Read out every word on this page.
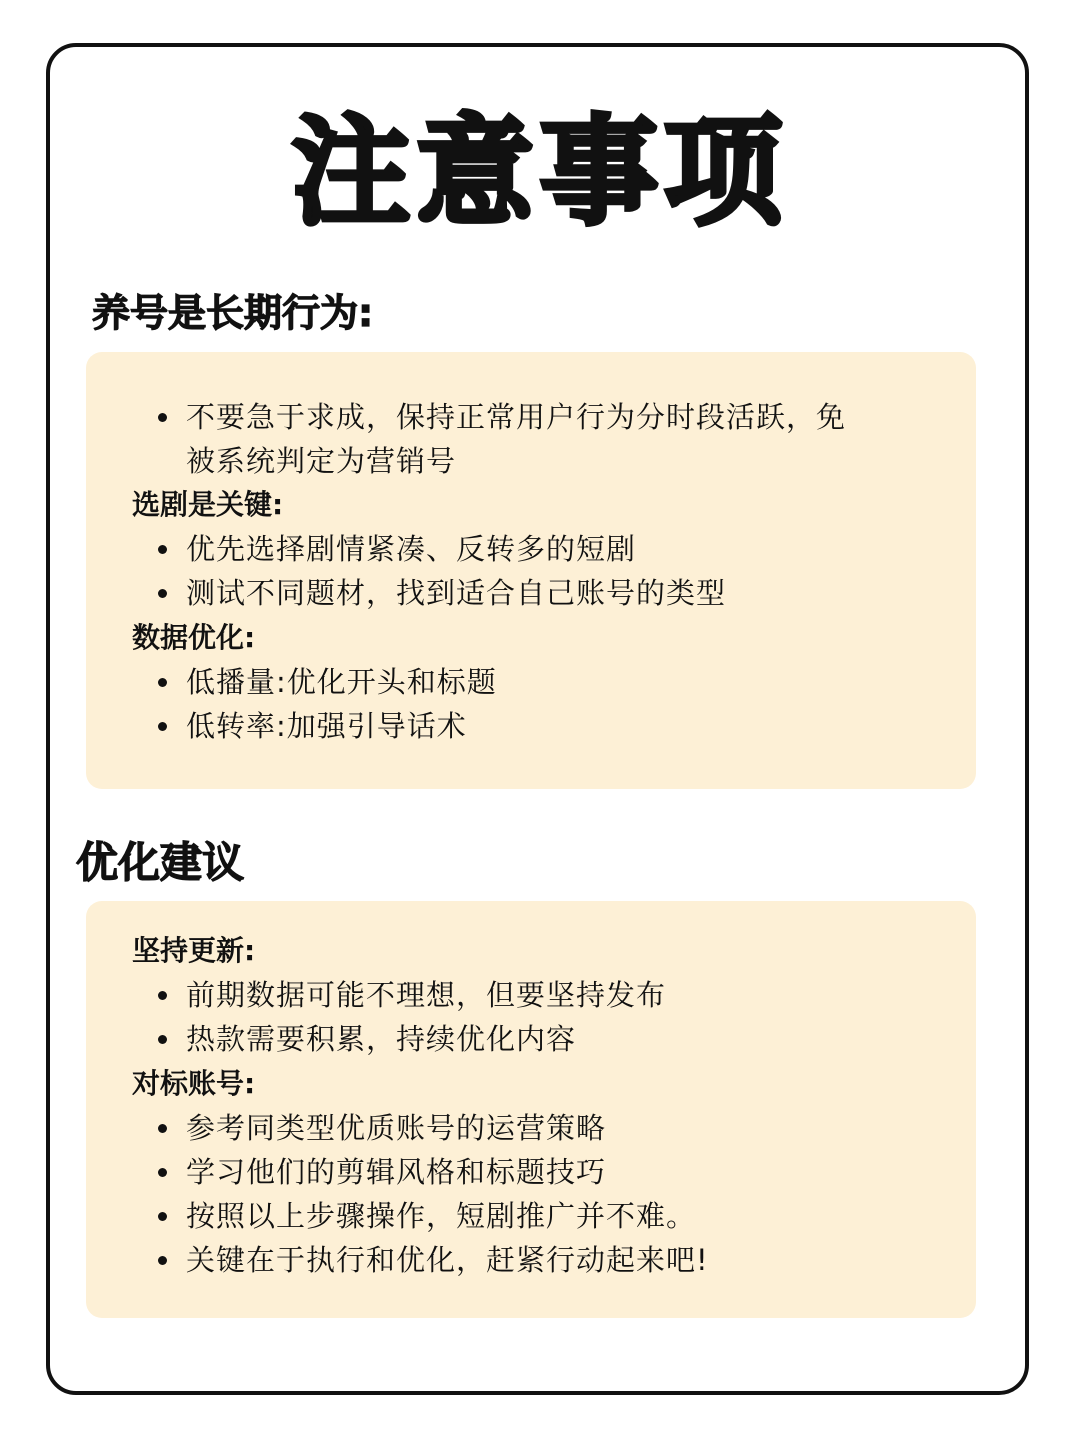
注意事项
养号是长期行为:
不要急于求成，保持正常用户行为分时段活跃，免被系统判定为营销号
选剧是关键:
优先选择剧情紧凑、反转多的短剧
测试不同题材，找到适合自己账号的类型
数据优化:
低播量:优化开头和标题
低转率:加强引导话术
优化建议
坚持更新:
前期数据可能不理想，但要坚持发布
热款需要积累，持续优化内容
对标账号:
参考同类型优质账号的运营策略
学习他们的剪辑风格和标题技巧
按照以上步骤操作，短剧推广并不难。
关键在于执行和优化，赶紧行动起来吧!
